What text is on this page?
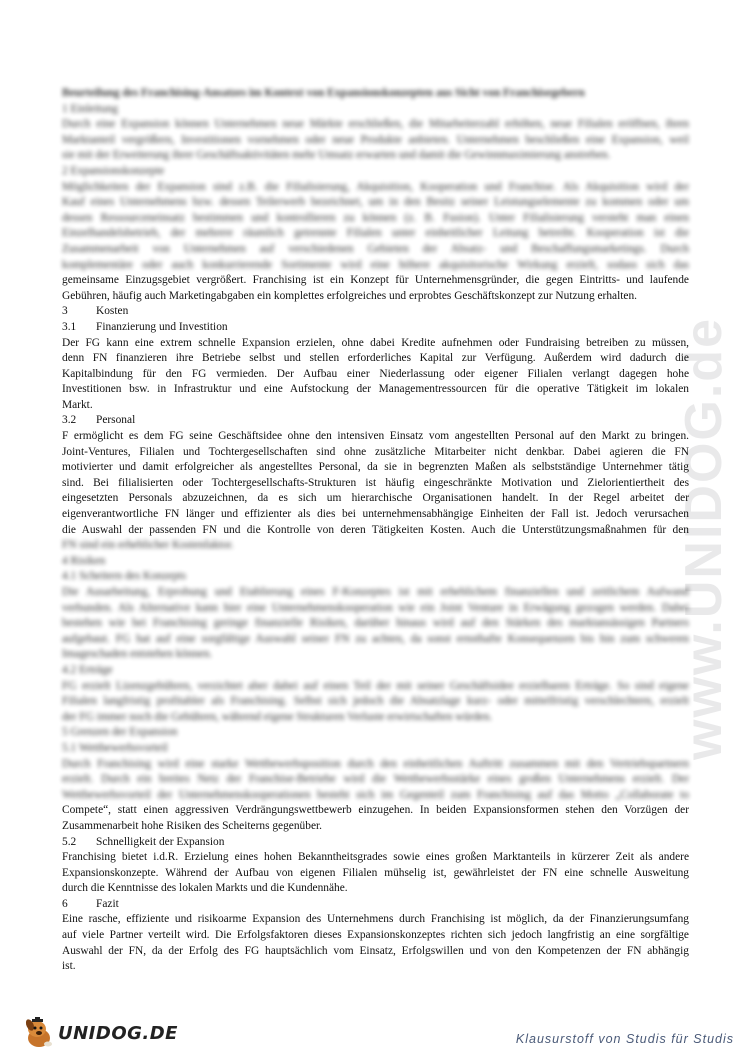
www.UNIDOG.de
Beurteilung des Franchising-Ansatzes im Kontext von Expansionskonzepten aus Sicht von Franchisegebern
1 Einleitung
Durch eine Expansion können Unternehmen neue Märkte erschließen, die Mitarbeiterzahl erhöhen, neue Filialen eröffnen, ihren
Marktanteil vergrößern, Investitionen vornehmen oder neue Produkte anbieten. Unternehmen beschließen eine Expansion, weil
sie mit der Erweiterung ihrer Geschäftsaktivitäten mehr Umsatz erwarten und damit die Gewinnmaximierung anstreben.
2 Expansionskonzepte
Möglichkeiten der Expansion sind z.B. die Filialisierung, Akquisition, Kooperation und Franchise. Als Akquisition wird der
Kauf eines Unternehmens bzw. dessen Teilerwerb bezeichnet, um in den Besitz seiner Leistungselemente zu kommen oder um
dessen Ressourceneinsatz bestimmen und kontrollieren zu können (z. B. Fusion). Unter Filialisierung versteht man einen
Einzelhandelsbetrieb, der mehrere räumlich getrennte Filialen unter einheitlicher Leitung betreibt. Kooperation ist die
Zusammenarbeit von Unternehmen auf verschiedenen Gebieten der Absatz- und Beschaffungsmarketings. Durch
komplementäre oder auch konkurrierende Sortimente wird eine höhere akquisitorische Wirkung erzielt, sodass sich das
gemeinsame Einzugsgebiet vergrößert. Franchising ist ein Konzept für Unternehmensgründer, die gegen Eintritts- und laufende
Gebühren, häufig auch Marketingabgaben ein komplettes erfolgreiches und erprobtes Geschäftskonzept zur Nutzung erhalten.
3 Kosten
3.1 Finanzierung und Investition
Der FG kann eine extrem schnelle Expansion erzielen, ohne dabei Kredite aufnehmen oder Fundraising betreiben zu müssen,
denn FN finanzieren ihre Betriebe selbst und stellen erforderliches Kapital zur Verfügung. Außerdem wird dadurch die
Kapitalbindung für den FG vermieden. Der Aufbau einer Niederlassung oder eigener Filialen verlangt dagegen hohe
Investitionen bsw. in Infrastruktur und eine Aufstockung der Managementressourcen für die operative Tätigkeit im lokalen
Markt.
3.2 Personal
F ermöglicht es dem FG seine Geschäftsidee ohne den intensiven Einsatz vom angestellten Personal auf den Markt zu bringen.
Joint-Ventures, Filialen und Tochtergesellschaften sind ohne zusätzliche Mitarbeiter nicht denkbar. Dabei agieren die FN
motivierter und damit erfolgreicher als angestelltes Personal, da sie in begrenzten Maßen als selbstständige Unternehmer tätig
sind. Bei filialisierten oder Tochtergesellschafts-Strukturen ist häufig eingeschränkte Motivation und Zielorientiertheit des
eingesetzten Personals abzuzeichnen, da es sich um hierarchische Organisationen handelt. In der Regel arbeitet der
eigenverantwortliche FN länger und effizienter als dies bei unternehmensabhängige Einheiten der Fall ist. Jedoch verursachen
die Auswahl der passenden FN und die Kontrolle von deren Tätigkeiten Kosten. Auch die Unterstützungsmaßnahmen für den
FN sind ein erheblicher Kostenfaktor.
4 Risiken
4.1 Scheitern des Konzepts
Die Ausarbeitung, Erprobung und Etablierung eines F-Konzeptes ist mit erheblichem finanziellen und zeitlichem Aufwand
verbunden. Als Alternative kann hier eine Unternehmenskooperation wie ein Joint Venture in Erwägung gezogen werden. Dabei
bestehen wie bei Franchising geringe finanzielle Risiken, darüber hinaus wird auf den Stärken des marktansässigen Partners
aufgebaut. FG hat auf eine sorgfältige Auswahl seiner FN zu achten, da sonst ernsthafte Konsequenzen bis hin zum schweren
Imageschaden entstehen können.
4.2 Erträge
FG erzielt Lizenzgebühren, verzichtet aber dabei auf einen Teil der mit seiner Geschäftsidee erzielbaren Erträge. So sind eigene
Filialen langfristig profitabler als Franchising. Selbst sich jedoch die Absatzlage kurz- oder mittelfristig verschlechtern, erzielt
der FG immer noch die Gebühren, während eigene Strukturen Verluste erwirtschaften würden.
5 Grenzen der Expansion
5.1 Wettbewerbsvorteil
Durch Franchising wird eine starke Wettbewerbsposition durch den einheitlichen Auftritt zusammen mit den Vertriebspartnern
erzielt. Durch ein breites Netz der Franchise-Betriebe wird die Wettbewerbsstärke eines großen Unternehmens erzielt. Der
Wettbewerbsvorteil der Unternehmenskooperationen besteht sich im Gegenteil zum Franchising auf das Motto „Collaborate to
Compete“, statt einen aggressiven Verdrängungswettbewerb einzugehen. In beiden Expansionsformen stehen den Vorzügen der
Zusammenarbeit hohe Risiken des Scheiterns gegenüber.
5.2 Schnelligkeit der Expansion
Franchising bietet i.d.R. Erzielung eines hohen Bekanntheitsgrades sowie eines großen Marktanteils in kürzerer Zeit als andere
Expansionskonzepte. Während der Aufbau von eigenen Filialen mühselig ist, gewährleistet der FN eine schnelle Ausweitung
durch die Kenntnisse des lokalen Markts und die Kundennähe.
6 Fazit
Eine rasche, effiziente und risikoarme Expansion des Unternehmens durch Franchising ist möglich, da der Finanzierungsumfang
auf viele Partner verteilt wird. Die Erfolgsfaktoren dieses Expansionskonzeptes richten sich jedoch langfristig an eine sorgfältige
Auswahl der FN, da der Erfolg des FG hauptsächlich vom Einsatz, Erfolgswillen und von den Kompetenzen der FN abhängig
ist.
UNIDOG.DE	Klausurstoff von Studis für Studis
